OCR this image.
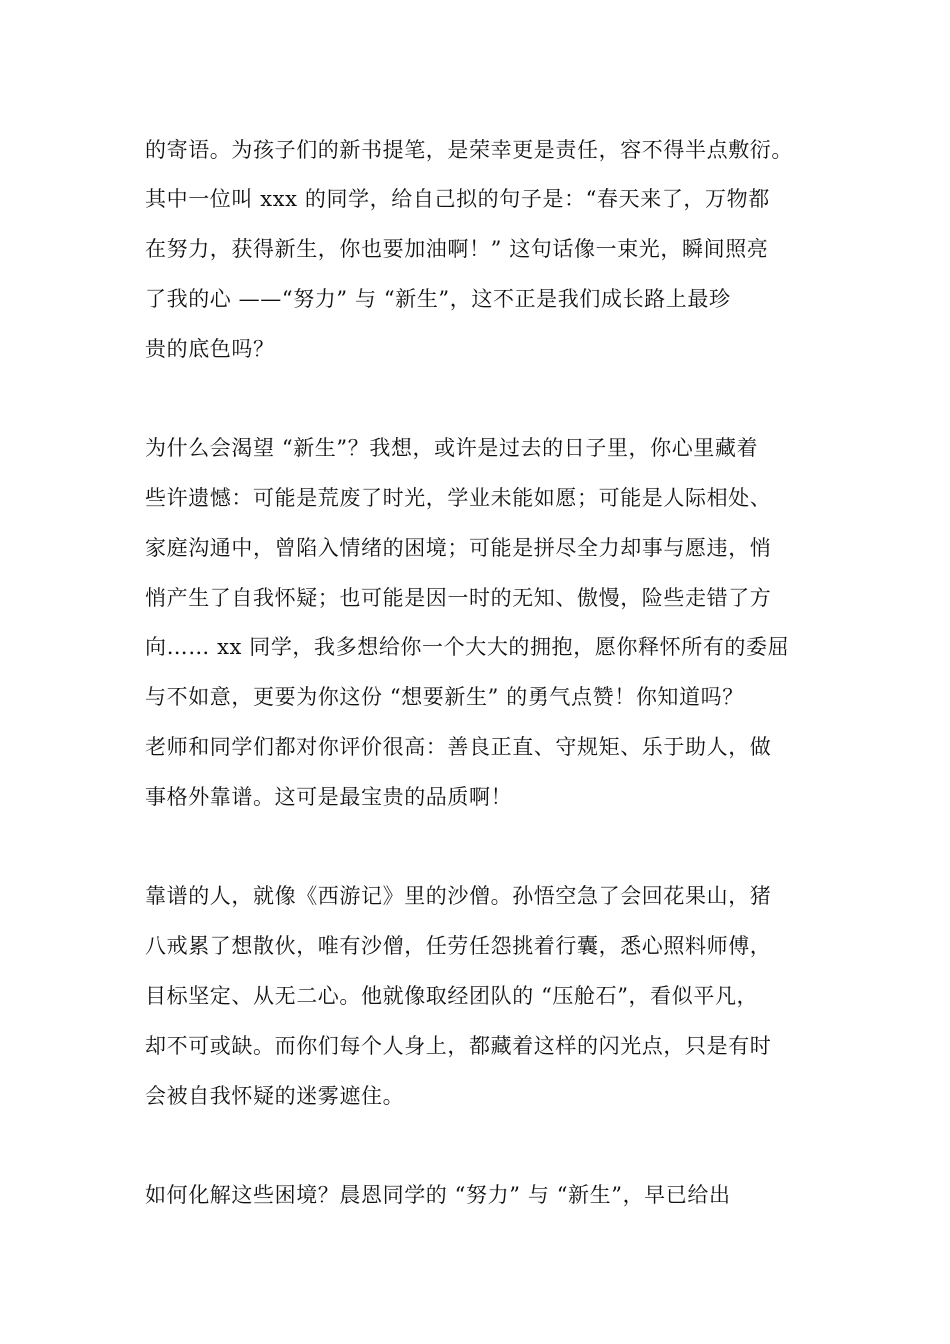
的寄语。为孩子们的新书提笔，是荣幸更是责任，容不得半点敷衍。
其中一位叫 xxx 的同学，给自己拟的句子是：“春天来了，万物都
在努力，获得新生，你也要加油啊！” 这句话像一束光，瞬间照亮
了我的心 ——“努力” 与 “新生”，这不正是我们成长路上最珍
贵的底色吗？
为什么会渴望 “新生”？我想，或许是过去的日子里，你心里藏着
些许遗憾：可能是荒废了时光，学业未能如愿；可能是人际相处、
家庭沟通中，曾陷入情绪的困境；可能是拼尽全力却事与愿违，悄
悄产生了自我怀疑；也可能是因一时的无知、傲慢，险些走错了方
向…… xx 同学，我多想给你一个大大的拥抱，愿你释怀所有的委屈
与不如意，更要为你这份 “想要新生” 的勇气点赞！你知道吗？
老师和同学们都对你评价很高：善良正直、守规矩、乐于助人，做
事格外靠谱。这可是最宝贵的品质啊！
靠谱的人，就像《西游记》里的沙僧。孙悟空急了会回花果山，猪
八戒累了想散伙，唯有沙僧，任劳任怨挑着行囊，悉心照料师傅，
目标坚定、从无二心。他就像取经团队的 “压舱石”，看似平凡，
却不可或缺。而你们每个人身上，都藏着这样的闪光点，只是有时
会被自我怀疑的迷雾遮住。
如何化解这些困境？晨恩同学的 “努力” 与 “新生”，早已给出
